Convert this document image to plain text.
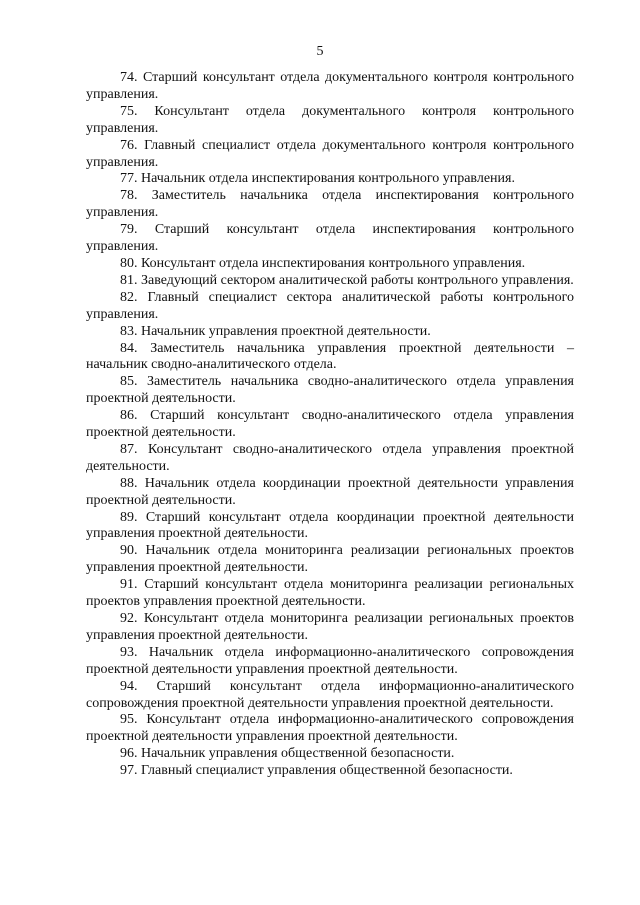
5
74. Старший консультант отдела документального контроля контрольного управления.
75. Консультант отдела документального контроля контрольного управления.
76. Главный специалист отдела документального контроля контрольного управления.
77. Начальник отдела инспектирования контрольного управления.
78. Заместитель начальника отдела инспектирования контрольного управления.
79. Старший консультант отдела инспектирования контрольного управления.
80. Консультант отдела инспектирования контрольного управления.
81. Заведующий сектором аналитической работы контрольного управления.
82. Главный специалист сектора аналитической работы контрольного управления.
83. Начальник управления проектной деятельности.
84. Заместитель начальника управления проектной деятельности – начальник сводно-аналитического отдела.
85. Заместитель начальника сводно-аналитического отдела управления проектной деятельности.
86. Старший консультант сводно-аналитического отдела управления проектной деятельности.
87. Консультант сводно-аналитического отдела управления проектной деятельности.
88. Начальник отдела координации проектной деятельности управления проектной деятельности.
89. Старший консультант отдела координации проектной деятельности управления проектной деятельности.
90. Начальник отдела мониторинга реализации региональных проектов управления проектной деятельности.
91. Старший консультант отдела мониторинга реализации региональных проектов управления проектной деятельности.
92. Консультант отдела мониторинга реализации региональных проектов управления проектной деятельности.
93. Начальник отдела информационно-аналитического сопровождения проектной деятельности управления проектной деятельности.
94. Старший консультант отдела информационно-аналитического сопровождения проектной деятельности управления проектной деятельности.
95. Консультант отдела информационно-аналитического сопровождения проектной деятельности управления проектной деятельности.
96. Начальник управления общественной безопасности.
97. Главный специалист управления общественной безопасности.
